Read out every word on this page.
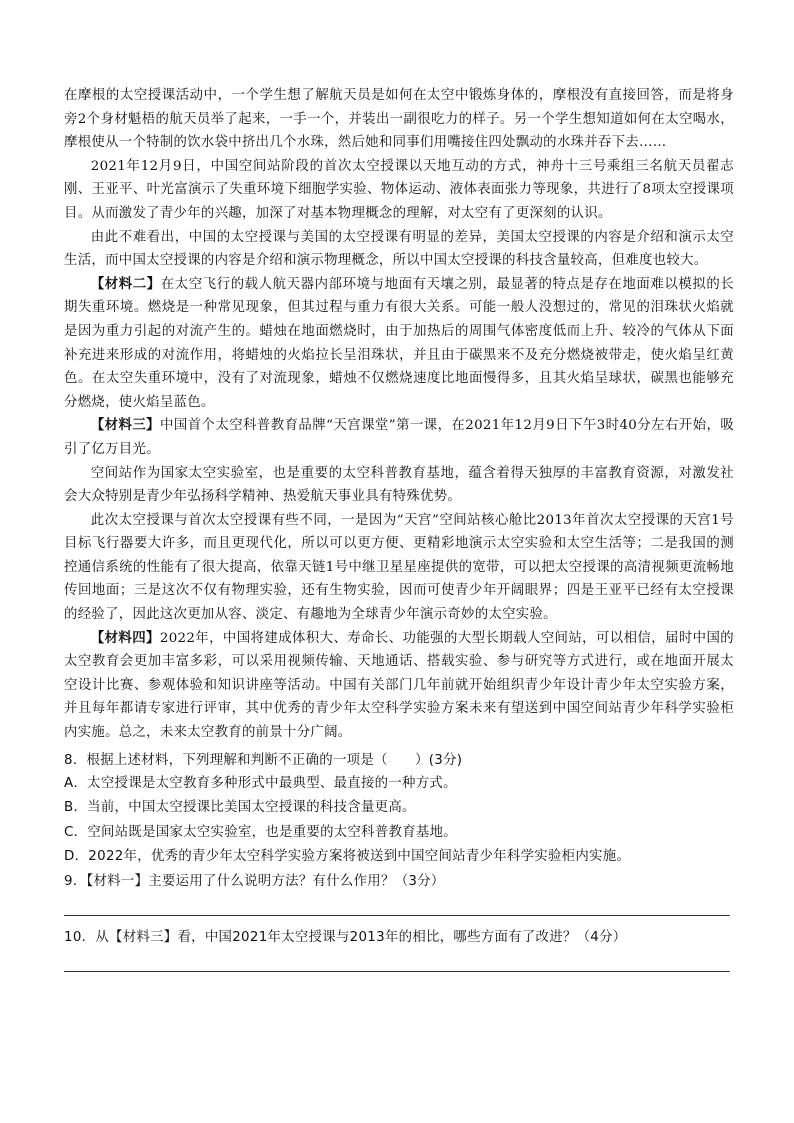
在摩根的太空授课活动中，一个学生想了解航天员是如何在太空中锻炼身体的，摩根没有直接回答，而是将身旁2个身材魁梧的航天员举了起来，一手一个，并装出一副很吃力的样子。另一个学生想知道如何在太空喝水，摩根使从一个特制的饮水袋中挤出几个水珠，然后她和同事们用嘴接住四处飘动的水珠并吞下去……

2021年12月9日，中国空间站阶段的首次太空授课以天地互动的方式，神舟十三号乘组三名航天员翟志刚、王亚平、叶光富演示了失重环境下细胞学实验、物体运动、液体表面张力等现象，共进行了8项太空授课项目。从而激发了青少年的兴趣，加深了对基本物理概念的理解，对太空有了更深刻的认识。

由此不难看出，中国的太空授课与美国的太空授课有明显的差异，美国太空授课的内容是介绍和演示太空生活，而中国太空授课的内容是介绍和演示物理概念，所以中国太空授课的科技含量较高，但难度也较大。

【材料二】在太空飞行的载人航天器内部环境与地面有天壤之别，最显著的特点是存在地面难以模拟的长期失重环境。燃烧是一种常见现象，但其过程与重力有很大关系。可能一般人没想过的，常见的泪珠状火焰就是因为重力引起的对流产生的。蜡烛在地面燃烧时，由于加热后的周围气体密度低而上升、较冷的气体从下面补充进来形成的对流作用，将蜡烛的火焰拉长呈泪珠状，并且由于碳黑来不及充分燃烧被带走，使火焰呈红黄色。在太空失重环境中，没有了对流现象，蜡烛不仅燃烧速度比地面慢得多，且其火焰呈球状，碳黑也能够充分燃烧，使火焰呈蓝色。

【材料三】中国首个太空科普教育品牌“天宫课堂”第一课，在2021年12月9日下午3时40分左右开始，吸引了亿万目光。

空间站作为国家太空实验室，也是重要的太空科普教育基地，蕴含着得天独厚的丰富教育资源，对激发社会大众特别是青少年弘扬科学精神、热爱航天事业具有特殊优势。

此次太空授课与首次太空授课有些不同，一是因为“天宫”空间站核心舱比2013年首次太空授课的天宫1号目标飞行器要大许多，而且更现代化，所以可以更方便、更精彩地演示太空实验和太空生活等；二是我国的测控通信系统的性能有了很大提高，依靠天链1号中继卫星星座提供的宽带，可以把太空授课的高清视频更流畅地传回地面；三是这次不仅有物理实验，还有生物实验，因而可使青少年开阔眼界；四是王亚平已经有太空授课的经验了，因此这次更加从容、淡定、有趣地为全球青少年演示奇妙的太空实验。

【材料四】2022年，中国将建成体积大、寿命长、功能强的大型长期载人空间站，可以相信，届时中国的太空教育会更加丰富多彩，可以采用视频传输、天地通话、搭载实验、参与研究等方式进行，或在地面开展太空设计比赛、参观体验和知识讲座等活动。中国有关部门几年前就开始组织青少年设计青少年太空实验方案，并且每年都请专家进行评审，其中优秀的青少年太空科学实验方案未来有望送到中国空间站青少年科学实验柜内实施。总之，未来太空教育的前景十分广阔。

8．根据上述材料，下列理解和判断不正确的一项是（　　）(3分)

A．太空授课是太空教育多种形式中最典型、最直接的一种方式。

B．当前，中国太空授课比美国太空授课的科技含量更高。

C．空间站既是国家太空实验室，也是重要的太空科普教育基地。

D．2022年，优秀的青少年太空科学实验方案将被送到中国空间站青少年科学实验柜内实施。

9．【材料一】主要运用了什么说明方法？有什么作用？（3分）

10．从【材料三】看，中国2021年太空授课与2013年的相比，哪些方面有了改进？（4分）
